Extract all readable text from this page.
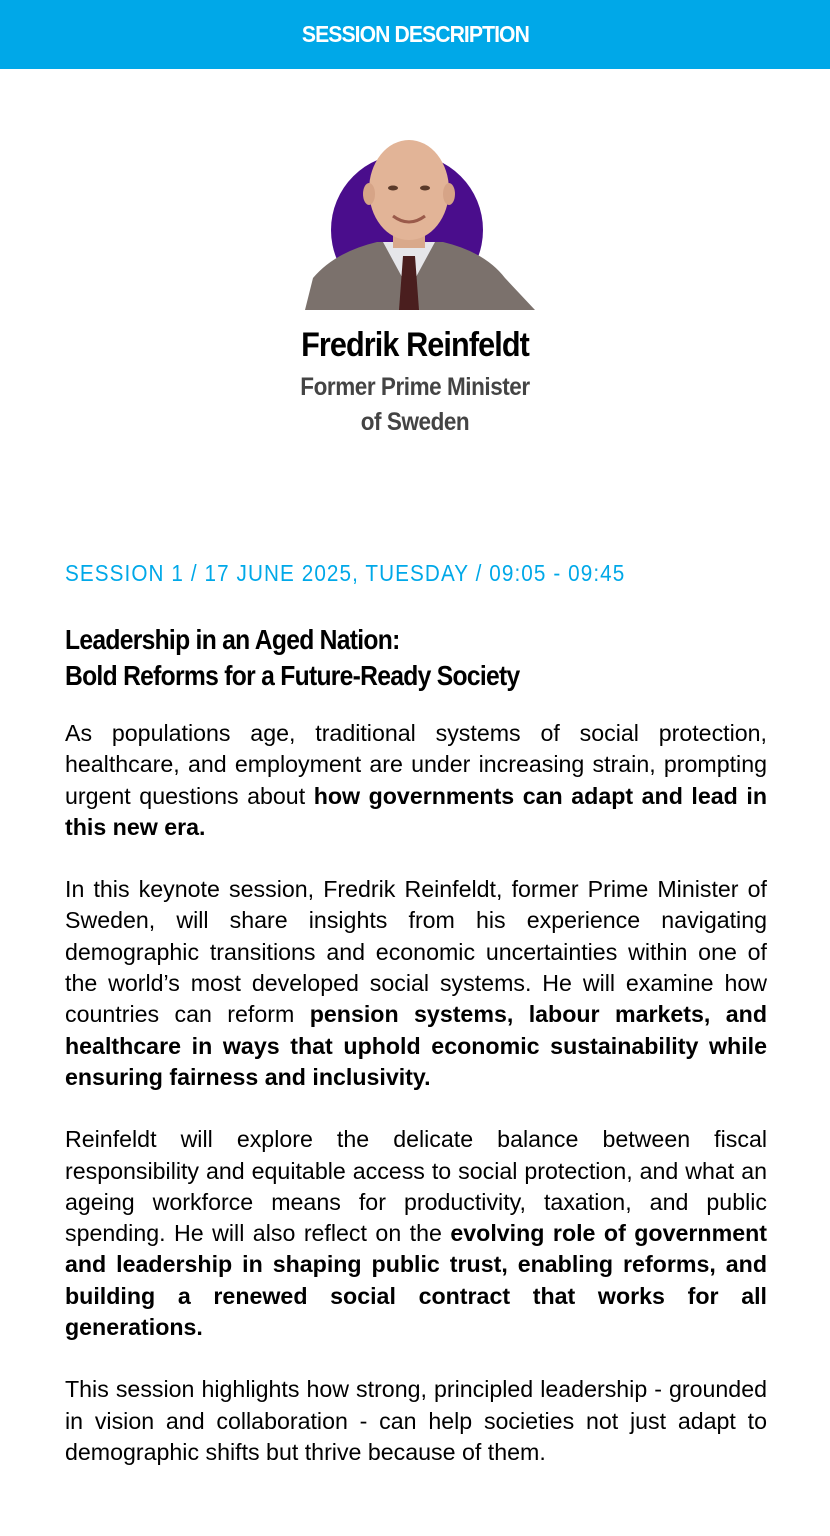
SESSION DESCRIPTION
Fredrik Reinfeldt
Former Prime Minister
of Sweden
SESSION 1 / 17 JUNE 2025, TUESDAY / 09:05 - 09:45
Leadership in an Aged Nation:
Bold Reforms for a Future-Ready Society

As populations age, traditional systems of social protection, healthcare, and employment are under increasing strain, prompting urgent questions about how governments can adapt and lead in this new era.

In this keynote session, Fredrik Reinfeldt, former Prime Minister of Sweden, will share insights from his experience navigating demographic transitions and economic uncertainties within one of the world’s most developed social systems. He will examine how countries can reform pension systems, labour markets, and healthcare in ways that uphold economic sustainability while ensuring fairness and inclusivity.

Reinfeldt will explore the delicate balance between fiscal responsibility and equitable access to social protection, and what an ageing workforce means for productivity, taxation, and public spending. He will also reflect on the evolving role of government and leadership in shaping public trust, enabling reforms, and building a renewed social contract that works for all generations.

This session highlights how strong, principled leadership - grounded in vision and collaboration - can help societies not just adapt to demographic shifts but thrive because of them.
